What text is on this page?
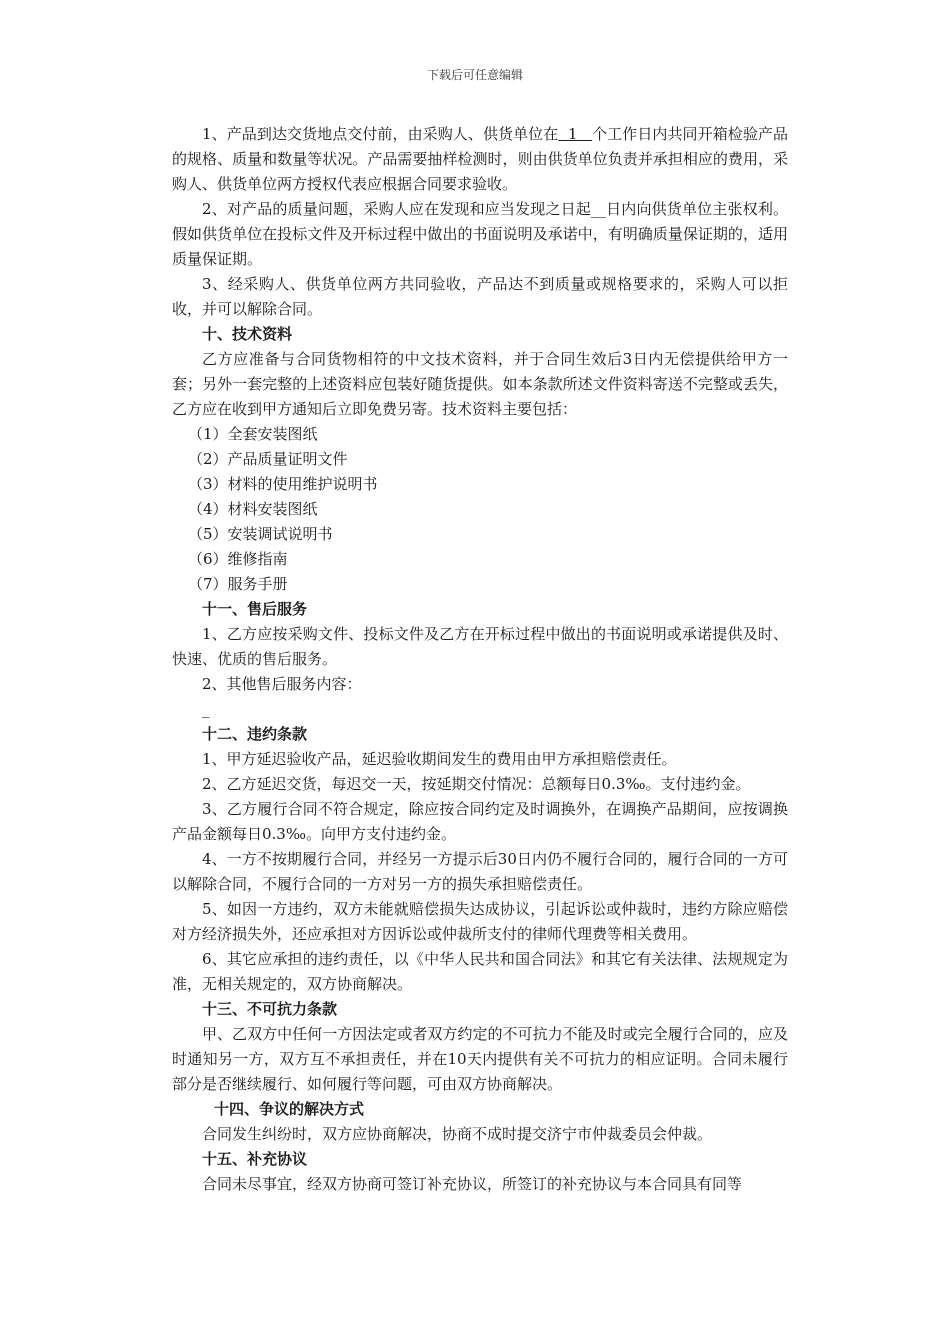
下载后可任意编辑

1、产品到达交货地点交付前，由采购人、供货单位在  1   个工作日内共同开箱检验产品的规格、质量和数量等状况。产品需要抽样检测时，则由供货单位负责并承担相应的费用，采购人、供货单位两方授权代表应根据合同要求验收。

2、对产品的质量问题，采购人应在发现和应当发现之日起__日内向供货单位主张权利。假如供货单位在投标文件及开标过程中做出的书面说明及承诺中，有明确质量保证期的，适用质量保证期。

3、经采购人、供货单位两方共同验收，产品达不到质量或规格要求的，采购人可以拒收，并可以解除合同。

十、技术资料

乙方应准备与合同货物相符的中文技术资料，并于合同生效后3日内无偿提供给甲方一套；另外一套完整的上述资料应包装好随货提供。如本条款所述文件资料寄送不完整或丢失，乙方应在收到甲方通知后立即免费另寄。技术资料主要包括：

（1）全套安装图纸

（2）产品质量证明文件

（3）材料的使用维护说明书

（4）材料安装图纸

（5）安装调试说明书

（6）维修指南

（7）服务手册

十一、售后服务

1、乙方应按采购文件、投标文件及乙方在开标过程中做出的书面说明或承诺提供及时、快速、优质的售后服务。

2、其他售后服务内容：

_

十二、违约条款

1、甲方延迟验收产品，延迟验收期间发生的费用由甲方承担赔偿责任。

2、乙方延迟交货，每迟交一天，按延期交付情况：总额每日0.3‰。支付违约金。

3、乙方履行合同不符合规定，除应按合同约定及时调换外，在调换产品期间，应按调换产品金额每日0.3‰。向甲方支付违约金。

4、一方不按期履行合同，并经另一方提示后30日内仍不履行合同的，履行合同的一方可以解除合同，不履行合同的一方对另一方的损失承担赔偿责任。

5、如因一方违约，双方未能就赔偿损失达成协议，引起诉讼或仲裁时，违约方除应赔偿对方经济损失外，还应承担对方因诉讼或仲裁所支付的律师代理费等相关费用。

6、其它应承担的违约责任，以《中华人民共和国合同法》和其它有关法律、法规规定为准，无相关规定的，双方协商解决。

十三、不可抗力条款

甲、乙双方中任何一方因法定或者双方约定的不可抗力不能及时或完全履行合同的，应及时通知另一方，双方互不承担责任，并在10天内提供有关不可抗力的相应证明。合同未履行部分是否继续履行、如何履行等问题，可由双方协商解决。

十四、争议的解决方式

合同发生纠纷时，双方应协商解决，协商不成时提交济宁市仲裁委员会仲裁。

十五、补充协议

合同未尽事宜，经双方协商可签订补充协议，所签订的补充协议与本合同具有同等
